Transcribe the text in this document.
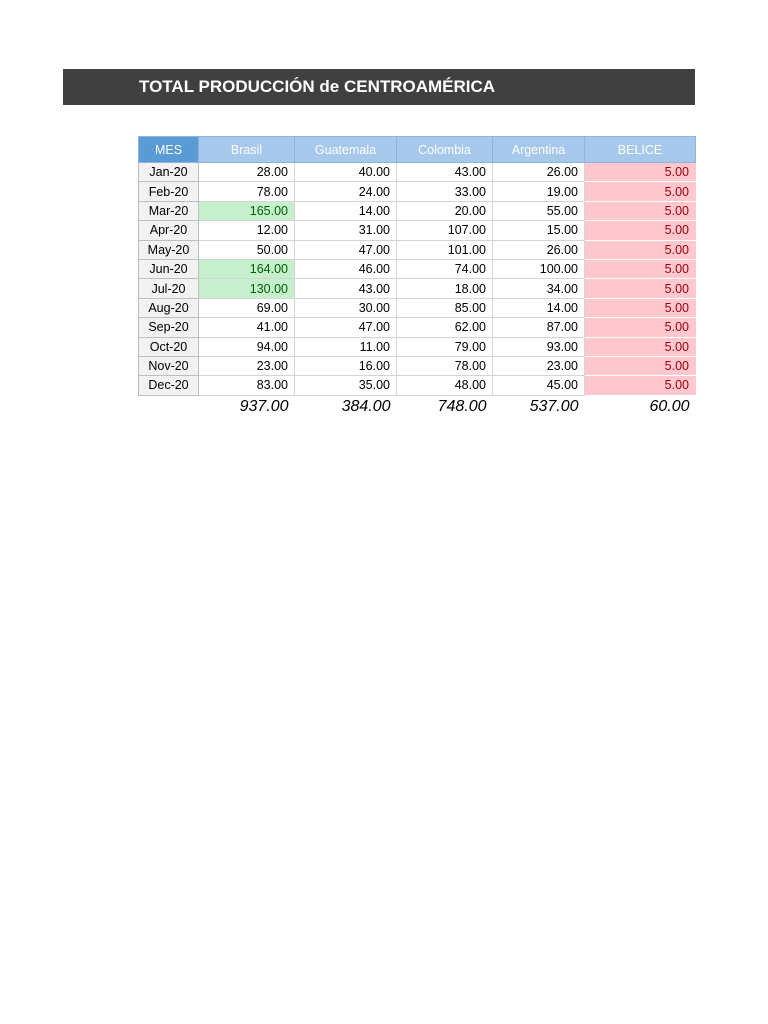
TOTAL PRODUCCIÓN de CENTROAMÉRICA
MES	Brasil	Guatemala	Colombia	Argentina	BELICE
Jan-20	28.00	40.00	43.00	26.00	5.00
Feb-20	78.00	24.00	33.00	19.00	5.00
Mar-20	165.00	14.00	20.00	55.00	5.00
Apr-20	12.00	31.00	107.00	15.00	5.00
May-20	50.00	47.00	101.00	26.00	5.00
Jun-20	164.00	46.00	74.00	100.00	5.00
Jul-20	130.00	43.00	18.00	34.00	5.00
Aug-20	69.00	30.00	85.00	14.00	5.00
Sep-20	41.00	47.00	62.00	87.00	5.00
Oct-20	94.00	11.00	79.00	93.00	5.00
Nov-20	23.00	16.00	78.00	23.00	5.00
Dec-20	83.00	35.00	48.00	45.00	5.00
	937.00	384.00	748.00	537.00	60.00
